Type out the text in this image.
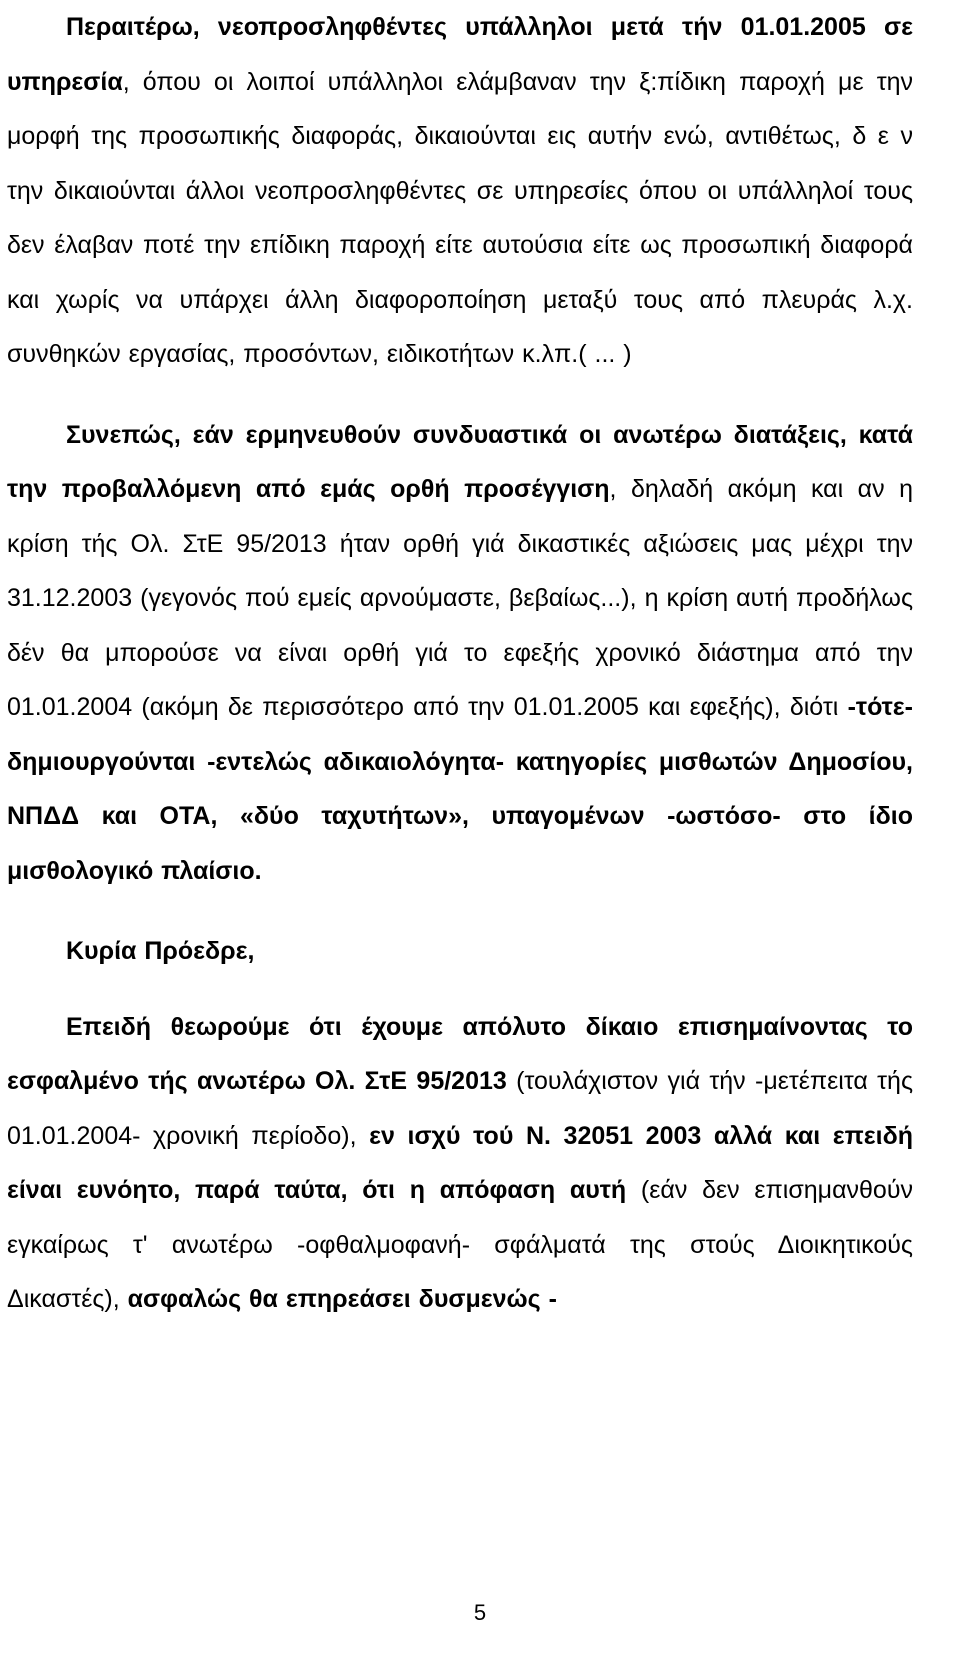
Περαιτέρω, νεοπροσληφθέντες υπάλληλοι μετά τήν 01.01.2005 σε υπηρεσία, όπου οι λοιποί υπάλληλοι ελάμβαναν την ξ:πίδικη παροχή με την μορφή της προσωπικής διαφοράς, δικαιούνται εις αυτήν ενώ, αντιθέτως, δ ε ν την δικαιούνται άλλοι νεοπροσληφθέντες σε υπηρεσίες όπου οι υπάλληλοί τους δεν έλαβαν ποτέ την επίδικη παροχή είτε αυτούσια είτε ως προσωπική διαφορά και χωρίς να υπάρχει άλλη διαφοροποίηση μεταξύ τους από πλευράς λ.χ. συνθηκών εργασίας, προσόντων, ειδικοτήτων κ.λπ.( ... )

Συνεπώς, εάν ερμηνευθούν συνδυαστικά οι ανωτέρω διατάξεις, κατά την προβαλλόμενη από εμάς ορθή προσέγγιση, δηλαδή ακόμη και αν η κρίση τής Ολ. ΣτΕ 95/2013 ήταν ορθή γιά δικαστικές αξιώσεις μας μέχρι την 31.12.2003 (γεγονός πού εμείς αρνούμαστε, βεβαίως...), η κρίση αυτή προδήλως δέν θα μπορούσε να είναι ορθή γιά το εφεξής χρονικό διάστημα από την 01.01.2004 (ακόμη δε περισσότερο από την 01.01.2005 και εφεξής), διότι -τότε- δημιουργούνται -εντελώς αδικαιολόγητα- κατηγορίες μισθωτών Δημοσίου, ΝΠΔΔ και ΟΤΑ, «δύο ταχυτήτων», υπαγομένων -ωστόσο- στο ίδιο μισθολογικό πλαίσιο.

Κυρία Πρόεδρε,

Επειδή θεωρούμε ότι έχουμε απόλυτο δίκαιο επισημαίνοντας το εσφαλμένο τής ανωτέρω Ολ. ΣτΕ 95/2013 (τουλάχιστον γιά τήν -μετέπειτα τής 01.01.2004- χρονική περίοδο), εν ισχύ τού Ν. 32051 2003 αλλά και επειδή είναι ευνόητο, παρά ταύτα, ότι η απόφαση αυτή (εάν δεν επισημανθούν εγκαίρως τ' ανωτέρω -οφθαλμοφανή- σφάλματά της στούς Διοικητικούς Δικαστές), ασφαλώς θα επηρεάσει δυσμενώς -

5
